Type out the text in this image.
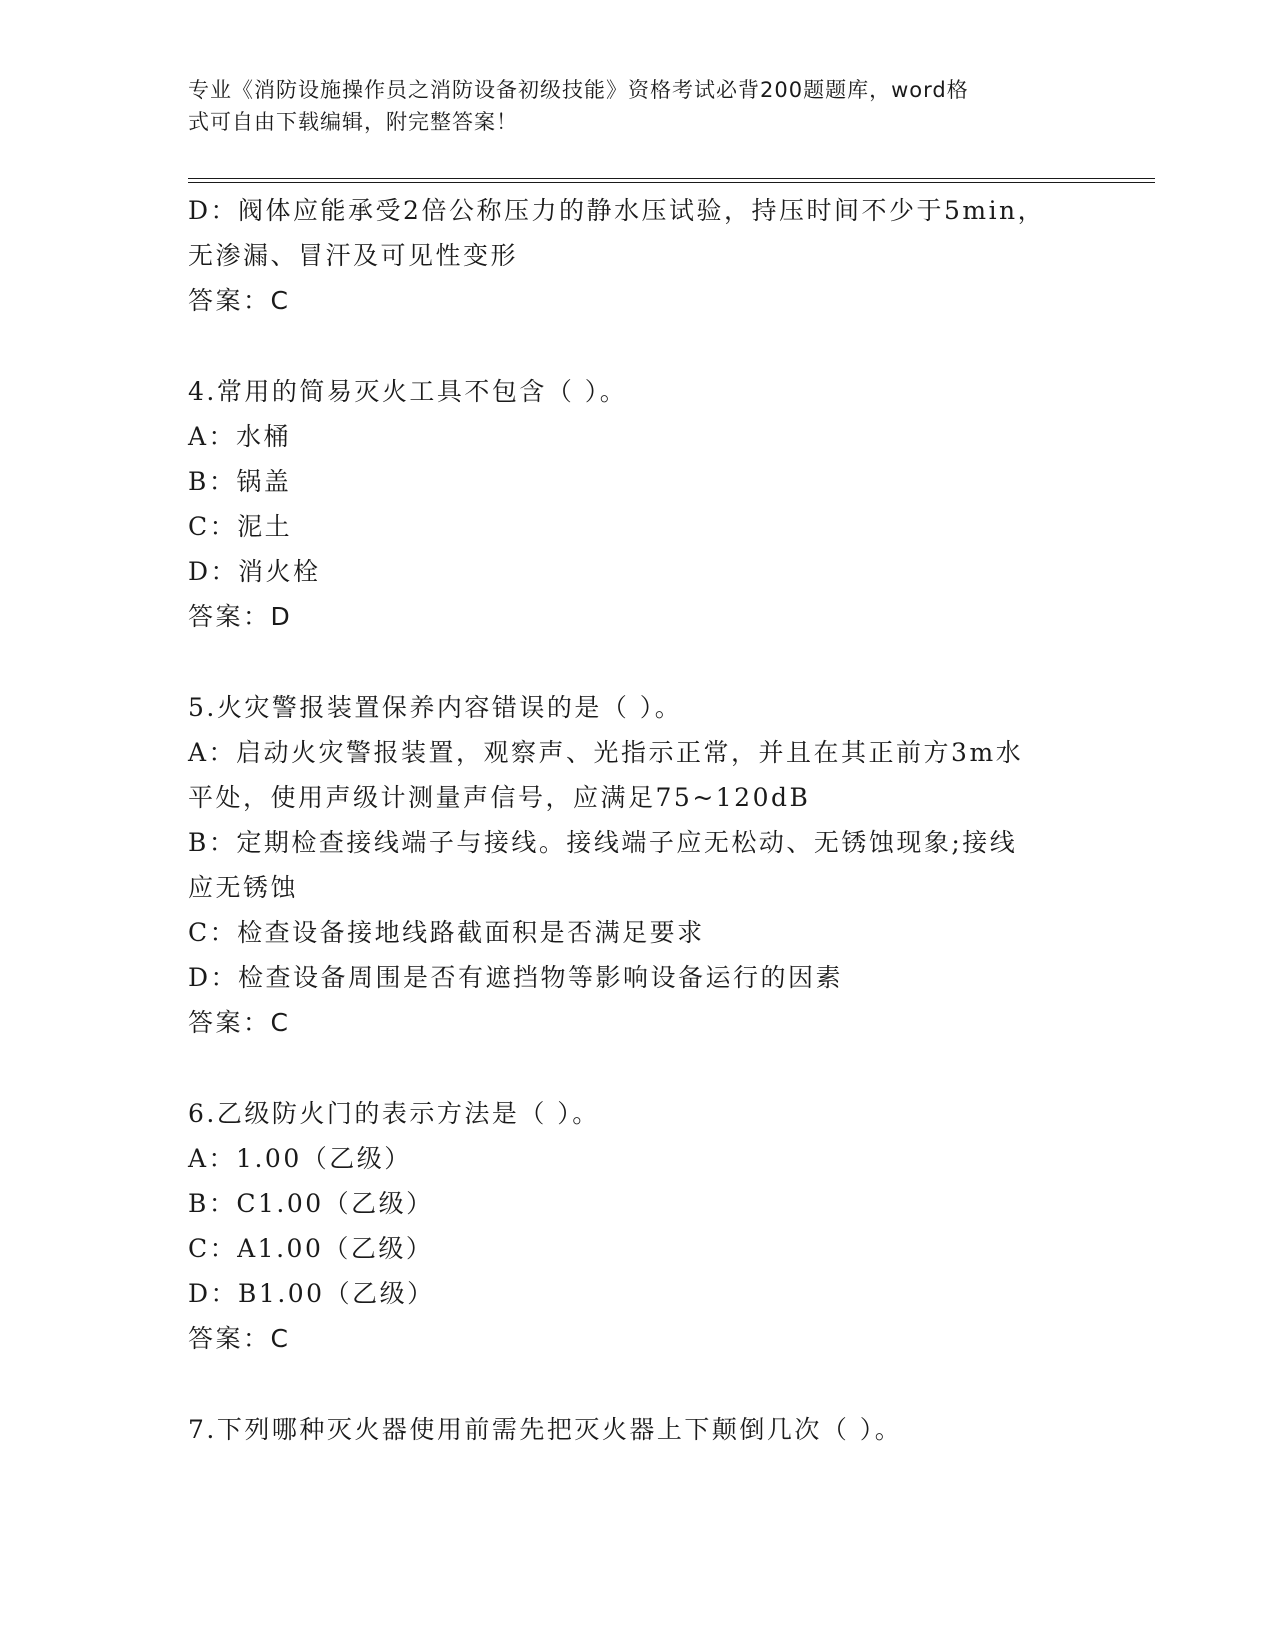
专业《消防设施操作员之消防设备初级技能》资格考试必背200题题库，word格
式可自由下载编辑，附完整答案！
D：阀体应能承受2倍公称压力的静水压试验，持压时间不少于5min，
无渗漏、冒汗及可见性变形
答案：C
4.常用的简易灭火工具不包含（ ）。
A：水桶
B：锅盖
C：泥土
D：消火栓
答案：D
5.火灾警报装置保养内容错误的是（ ）。
A：启动火灾警报装置，观察声、光指示正常，并且在其正前方3m水
平处，使用声级计测量声信号，应满足75~120dB
B：定期检查接线端子与接线。接线端子应无松动、无锈蚀现象;接线
应无锈蚀
C：检查设备接地线路截面积是否满足要求
D：检查设备周围是否有遮挡物等影响设备运行的因素
答案：C
6.乙级防火门的表示方法是（ ）。
A：1.00（乙级）
B：C1.00（乙级）
C：A1.00（乙级）
D：B1.00（乙级）
答案：C
7.下列哪种灭火器使用前需先把灭火器上下颠倒几次（ ）。
